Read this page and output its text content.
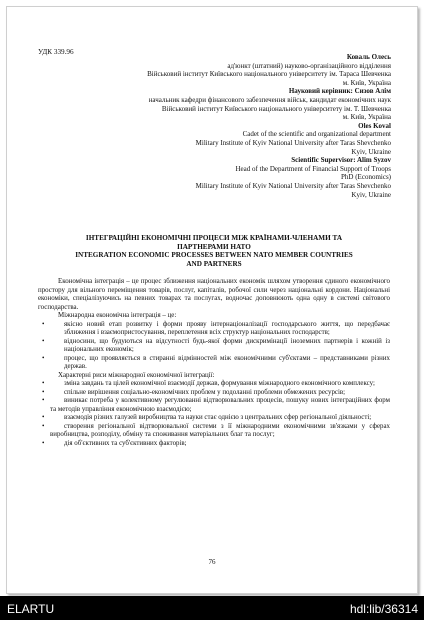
УДК 339.96
Коваль Олесь
ад'юнкт (штатний) науково-організаційного відділення
Військовий інститут Київського національного університету ім. Тараса Шевченка
м. Київ, Україна
Науковий керівник: Сизов Алім
начальник кафедри фінансового забезпечення військ, кандидат економічних наук
Військовий інститут Київського національного університету ім. Т. Шевченка
м. Київ, Україна
Oles Koval
Cadet of the scientific and organizational department
Military Institute of Kyiv National University after Taras Shevchenko
Kyiv, Ukraine
Scientific Supervisor: Alim Syzov
Head of the Department of Financial Support of Troops
PhD (Economics)
Military Institute of Kyiv National University after Taras Shevchenko
Kyiv, Ukraine
ІНТЕГРАЦІЙНІ ЕКОНОМІЧНІ ПРОЦЕСИ МІЖ КРАЇНАМИ-ЧЛЕНАМИ ТА
ПАРТНЕРАМИ НАТО
INTEGRATION ECONOMIC PROCESSES BETWEEN NATO MEMBER COUNTRIES
AND PARTNERS

Економічна інтеграція – це процес зближення національних економік шляхом утворення єдиного економічного простору для вільного переміщення товарів, послуг, капіталів, робочої сили через національні кордони. Національні економіки, спеціалізуючись на певних товарах та послугах, водночас доповнюють одна одну в системі світового господарства.

Міжнародна економічна інтеграція – це:

•	якісно новий етап розвитку і форми прояву інтернаціоналізації господарського життя, що передбачає зближення і взаємопристосування, переплетення всіх структур національних господарств;

•	відносини, що будуються на відсутності будь-якої форми дискримінації іноземних партнерів і кожній із національних економік;

•	процес, що проявляється в стиранні відмінностей між економічними суб'єктами – представниками різних держав.

Характерні риси міжнародної економічної інтеграції:

•	зміна завдань та цілей економічної взаємодії держав, формування міжнародного економічного комплексу;

•	спільне вирішення соціально-економічних проблем у подоланні проблеми обмежених ресурсів;

•	виникає потреба у колективному регулюванні відтворювальних процесів, пошуку нових інтеграційних форм та методів управління економічною взаємодією;

•	взаємодія різних галузей виробництва та науки стає однією з центральних сфер регіональної діяльності;

•	створення регіональної відтворювальної системи з її міжнародними економічними зв'язками у сферах виробництва, розподілу, обміну та споживання матеріальних благ та послуг;

•	дія об'єктивних та суб'єктивних факторів;

76
ELARTU	hdl:lib/36314
